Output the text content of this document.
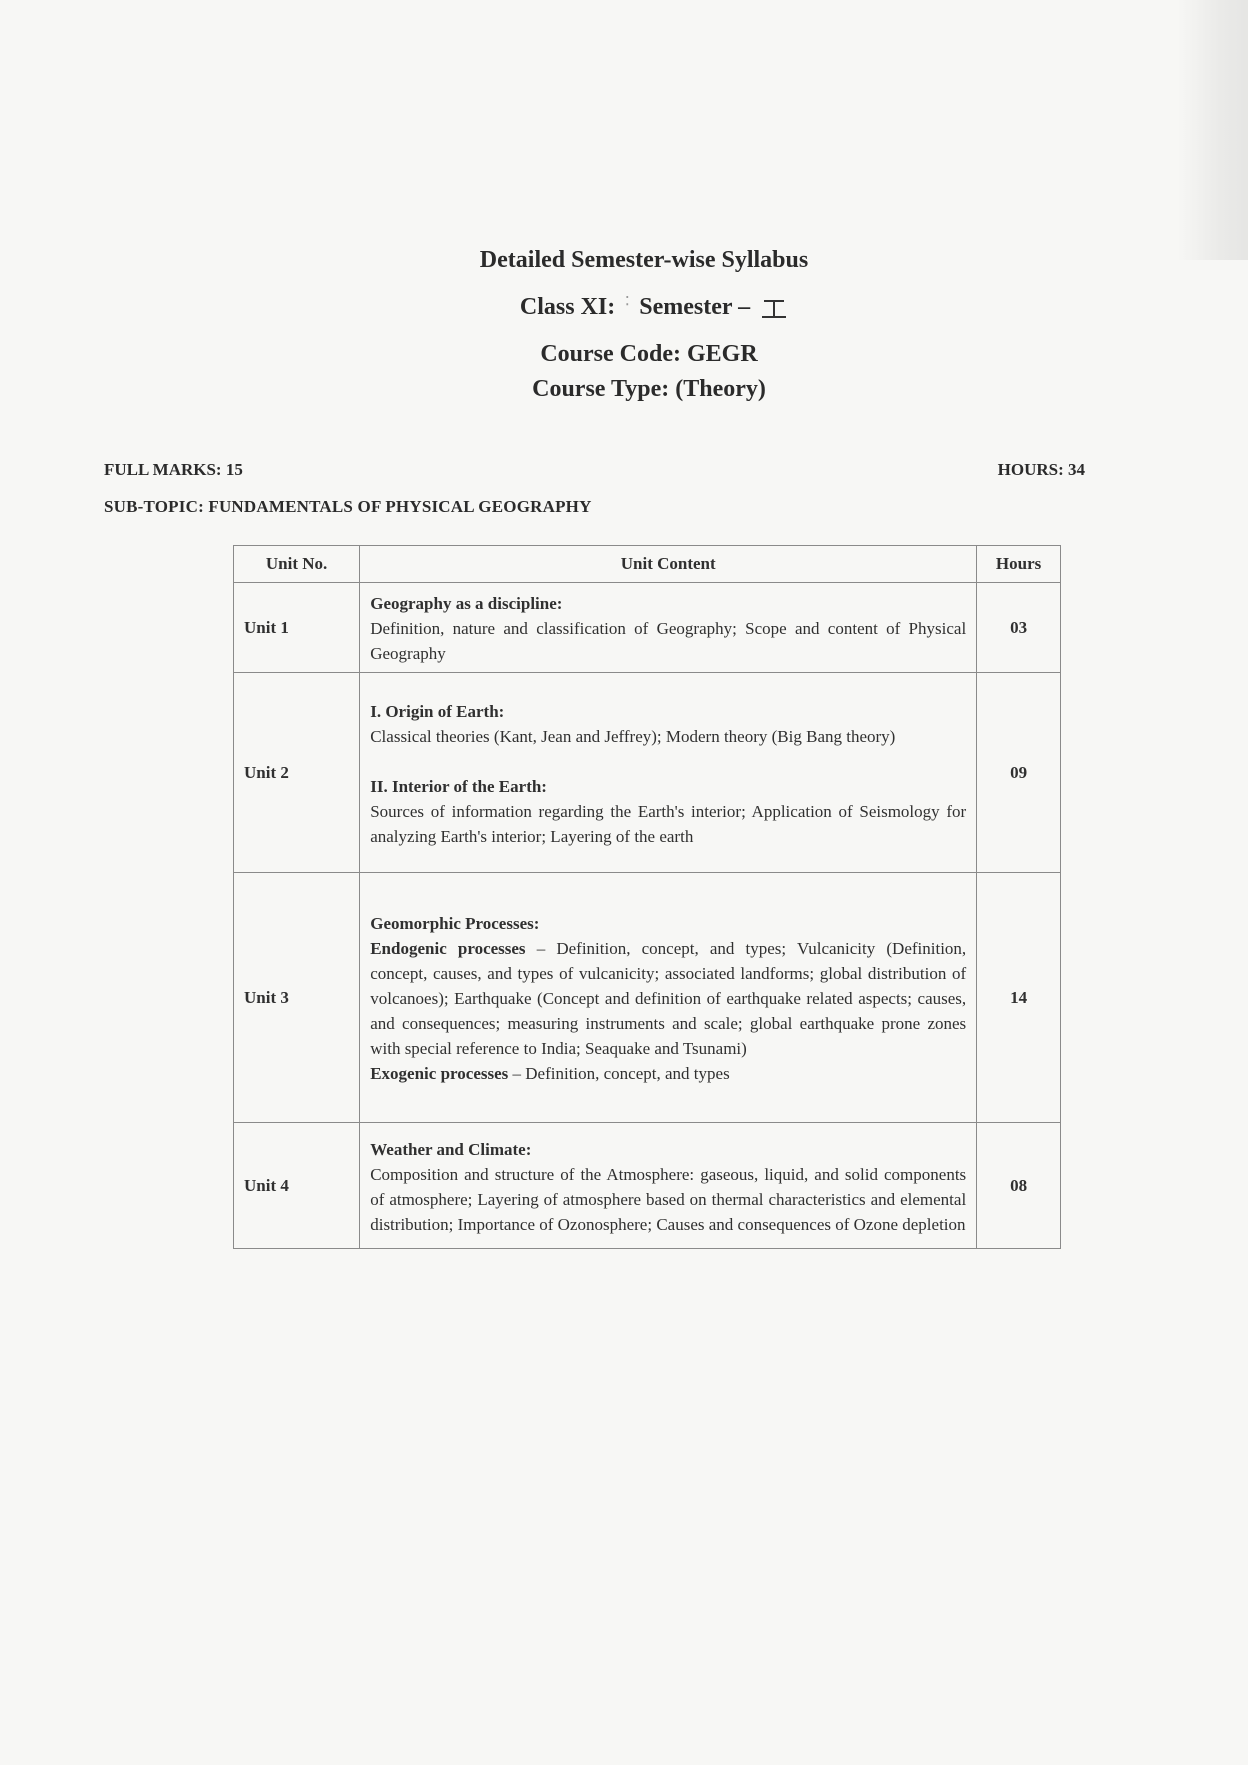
Detailed Semester-wise Syllabus
Class XI: ⁚ Semester –
Course Code: GEGR
Course Type: (Theory)
FULL MARKS: 15	HOURS: 34
SUB-TOPIC: FUNDAMENTALS OF PHYSICAL GEOGRAPHY
Unit No.	Unit Content	Hours
Unit 1	Geography as a discipline:
Definition, nature and classification of Geography; Scope and content of Physical Geography	03
Unit 2	I. Origin of Earth:
Classical theories (Kant, Jean and Jeffrey); Modern theory (Big Bang theory)
II. Interior of the Earth:
Sources of information regarding the Earth's interior; Application of Seismology for analyzing Earth's interior; Layering of the earth	09
Unit 3	Geomorphic Processes:
Endogenic processes – Definition, concept, and types; Vulcanicity (Definition, concept, causes, and types of vulcanicity; associated landforms; global distribution of volcanoes); Earthquake (Concept and definition of earthquake related aspects; causes, and consequences; measuring instruments and scale; global earthquake prone zones with special reference to India; Seaquake and Tsunami)
Exogenic processes – Definition, concept, and types	14
Unit 4	Weather and Climate:
Composition and structure of the Atmosphere: gaseous, liquid, and solid components of atmosphere; Layering of atmosphere based on thermal characteristics and elemental distribution; Importance of Ozonosphere; Causes and consequences of Ozone depletion	08
